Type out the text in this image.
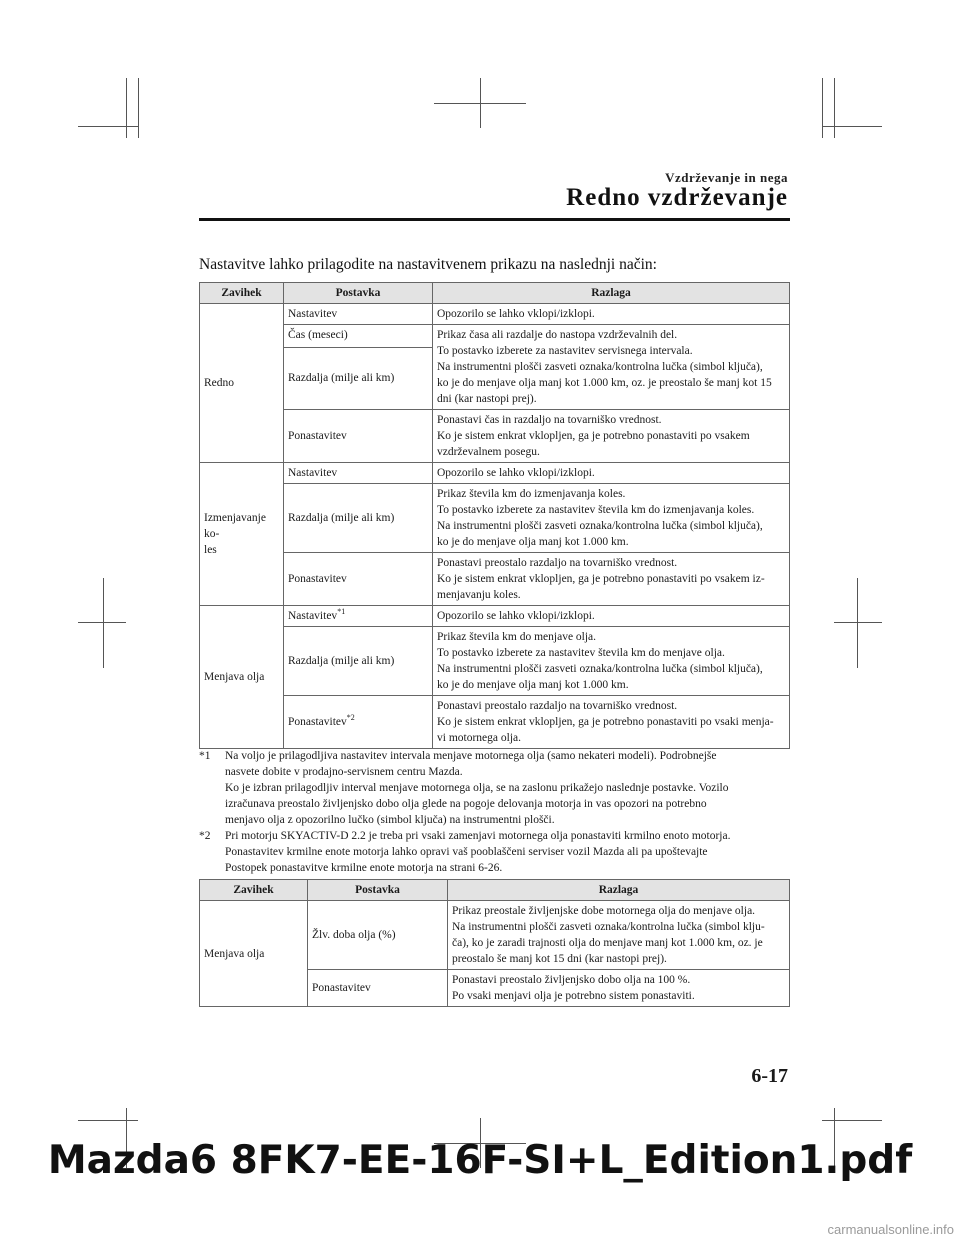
Vzdrževanje in nega
Redno vzdrževanje
Nastavitve lahko prilagodite na nastavitvenem prikazu na naslednji način:
Zavihek	Postavka	Razlaga
Redno	Nastavitev	Opozorilo se lahko vklopi/izklopi.

	Čas (meseci)	Prikaz časa ali razdalje do nastopa vzdrževalnih del.
To postavko izberete za nastavitev servisnega intervala.
Na instrumentni plošči zasveti oznaka/kontrolna lučka (simbol ključa),
ko je do menjave olja manj kot 1.000 km, oz. je preostalo še manj kot 15
dni (kar nastopi prej).

	Razdalja (milje ali km)	
	Ponastavitev	Ponastavi čas in razdaljo na tovarniško vrednost.
Ko je sistem enkrat vklopljen, ga je potrebno ponastaviti po vsakem
vzdrževalnem posegu.

Izmenjavanje ko-
les	Nastavitev	Opozorilo se lahko vklopi/izklopi.

	Razdalja (milje ali km)	Prikaz števila km do izmenjavanja koles.
To postavko izberete za nastavitev števila km do izmenjavanja koles.
Na instrumentni plošči zasveti oznaka/kontrolna lučka (simbol ključa),
ko je do menjave olja manj kot 1.000 km.

	Ponastavitev	Ponastavi preostalo razdaljo na tovarniško vrednost.
Ko je sistem enkrat vklopljen, ga je potrebno ponastaviti po vsakem iz-
menjavanju koles.

Menjava olja	Nastavitev$^{*1}$	Opozorilo se lahko vklopi/izklopi.

	Razdalja (milje ali km)	Prikaz števila km do menjave olja.
To postavko izberete za nastavitev števila km do menjave olja.
Na instrumentni plošči zasveti oznaka/kontrolna lučka (simbol ključa),
ko je do menjave olja manj kot 1.000 km.

	Ponastavitev$^{*2}$	Ponastavi preostalo razdaljo na tovarniško vrednost.
Ko je sistem enkrat vklopljen, ga je potrebno ponastaviti po vsaki menja-
vi motornega olja.
*1 Na voljo je prilagodljiva nastavitev intervala menjave motornega olja (samo nekateri modeli). Podrobnejše
nasvete dobite v prodajno-servisnem centru Mazda.
Ko je izbran prilagodljiv interval menjave motornega olja, se na zaslonu prikažejo naslednje postavke. Vozilo
izračunava preostalo življenjsko dobo olja glede na pogoje delovanja motorja in vas opozori na potrebno
menjavo olja z opozorilno lučko (simbol ključa) na instrumentni plošči.
*2 Pri motorju SKYACTIV-D 2.2 je treba pri vsaki zamenjavi motornega olja ponastaviti krmilno enoto motorja.
Ponastavitev krmilne enote motorja lahko opravi vaš pooblaščeni serviser vozil Mazda ali pa upoštevajte
Postopek ponastavitve krmilne enote motorja na strani 6-26.
Zavihek	Postavka	Razlaga
Menjava olja	Žlv. doba olja (%)	Prikaz preostale življenjske dobe motornega olja do menjave olja.
Na instrumentni plošči zasveti oznaka/kontrolna lučka (simbol klju-
ča), ko je zaradi trajnosti olja do menjave manj kot 1.000 km, oz. je
preostalo še manj kot 15 dni (kar nastopi prej).

	Ponastavitev	Ponastavi preostalo življenjsko dobo olja na 100 %.
Po vsaki menjavi olja je potrebno sistem ponastaviti.
6-17
Mazda6 8FK7-EE-16F-SI+L_Edition1.pdf
carmanualsonline.info
